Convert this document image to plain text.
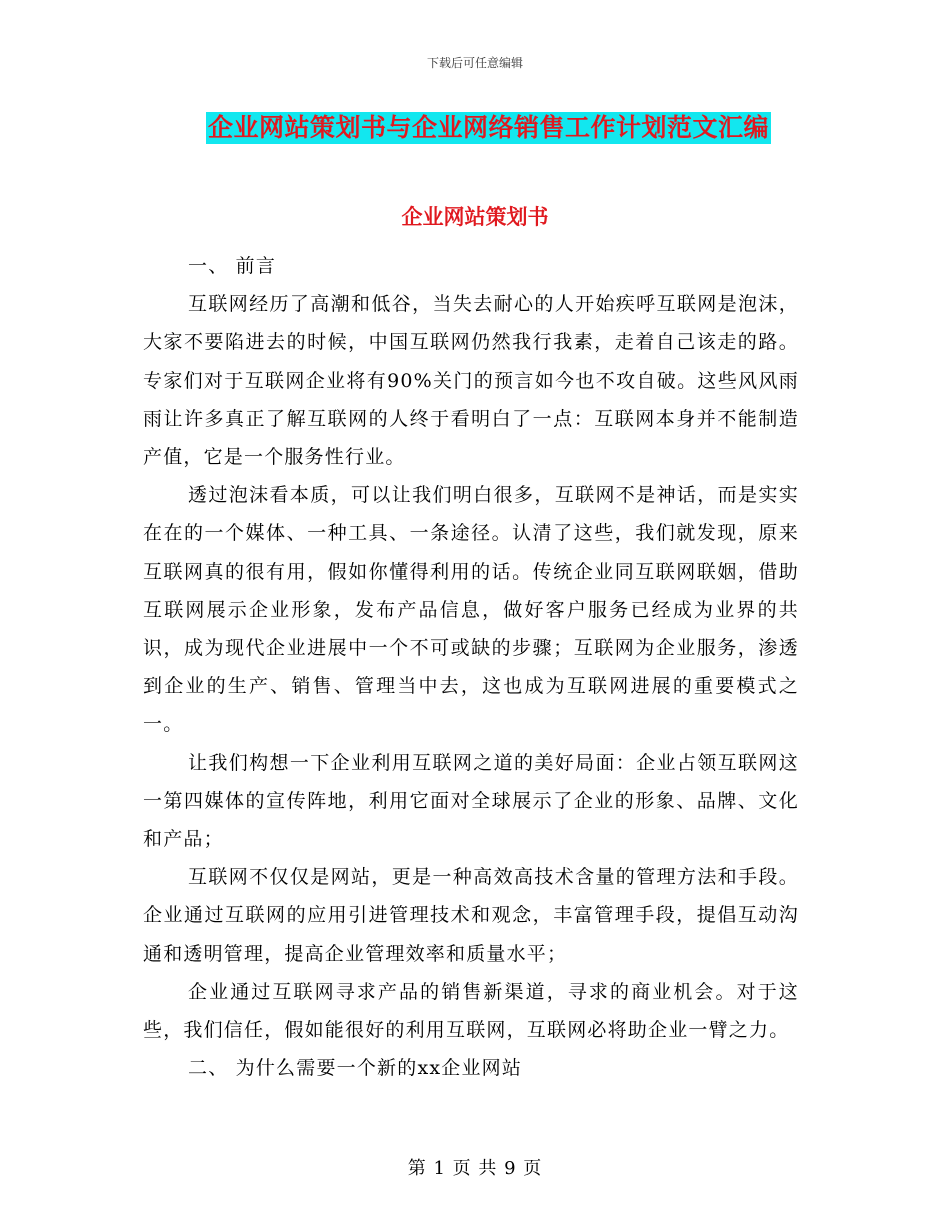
下载后可任意编辑
企业网站策划书与企业网络销售工作计划范文汇编
企业网站策划书

一、 前言

互联网经历了高潮和低谷，当失去耐心的人开始疾呼互联网是泡沫，大家不要陷进去的时候，中国互联网仍然我行我素，走着自己该走的路。专家们对于互联网企业将有90%关门的预言如今也不攻自破。这些风风雨雨让许多真正了解互联网的人终于看明白了一点：互联网本身并不能制造产值，它是一个服务性行业。

透过泡沫看本质，可以让我们明白很多，互联网不是神话，而是实实在在的一个媒体、一种工具、一条途径。认清了这些，我们就发现，原来互联网真的很有用，假如你懂得利用的话。传统企业同互联网联姻，借助互联网展示企业形象，发布产品信息，做好客户服务已经成为业界的共识，成为现代企业进展中一个不可或缺的步骤；互联网为企业服务，渗透到企业的生产、销售、管理当中去，这也成为互联网进展的重要模式之一。

让我们构想一下企业利用互联网之道的美好局面：企业占领互联网这一第四媒体的宣传阵地，利用它面对全球展示了企业的形象、品牌、文化和产品；

互联网不仅仅是网站，更是一种高效高技术含量的管理方法和手段。企业通过互联网的应用引进管理技术和观念，丰富管理手段，提倡互动沟通和透明管理，提高企业管理效率和质量水平；

企业通过互联网寻求产品的销售新渠道，寻求的商业机会。对于这些，我们信任，假如能很好的利用互联网，互联网必将助企业一臂之力。

二、 为什么需要一个新的xx企业网站

第 1 页 共 9 页
